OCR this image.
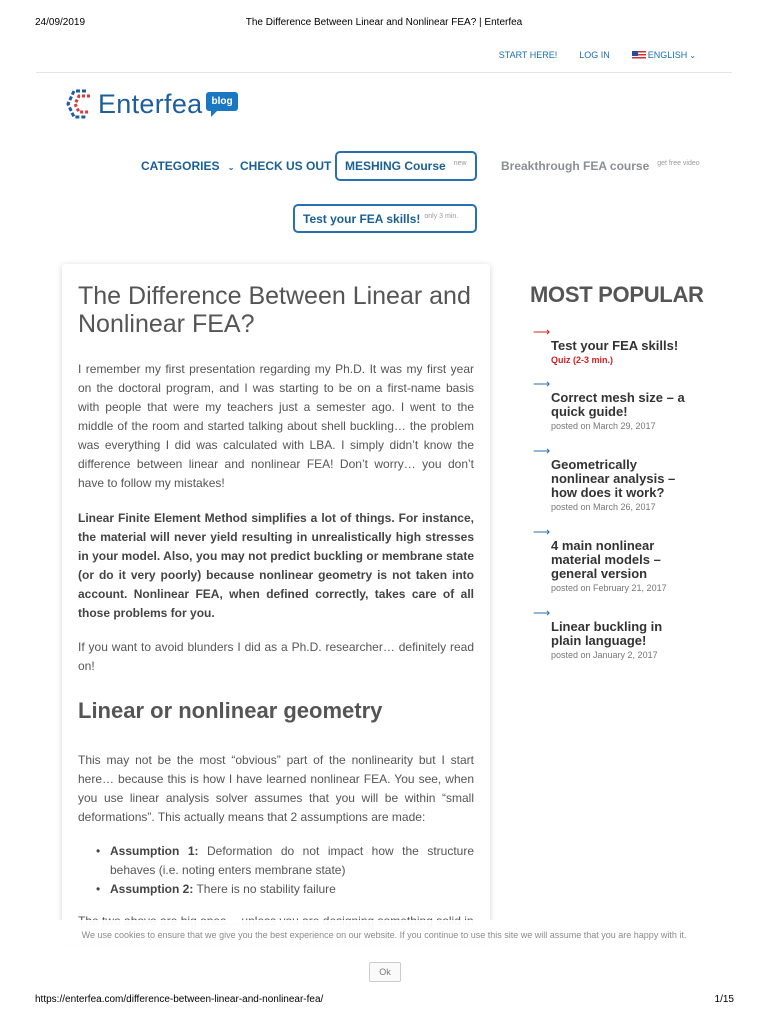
24/09/2019	The Difference Between Linear and Nonlinear FEA? | Enterfea
START HERE! LOG IN	ENGLISH ⌄
Enterfea blog
CATEGORIES ⌄ CHECK US OUT	MESHING Course $^{new}$	Breakthrough FEA course $^{get free video}$
Test your FEA skills! $^{only 3 min.}$
The Difference Between Linear and Nonlinear FEA?

I remember my first presentation regarding my Ph.D. It was my first year on the doctoral program, and I was starting to be on a first-name basis with people that were my teachers just a semester ago. I went to the middle of the room and started talking about shell buckling… the problem was everything I did was calculated with LBA. I simply didn’t know the difference between linear and nonlinear FEA! Don’t worry… you don’t have to follow my mistakes!

Linear Finite Element Method simplifies a lot of things. For instance, the material will never yield resulting in unrealistically high stresses in your model. Also, you may not predict buckling or membrane state (or do it very poorly) because nonlinear geometry is not taken into account. Nonlinear FEA, when defined correctly, takes care of all those problems for you.

If you want to avoid blunders I did as a Ph.D. researcher… definitely read on!

Linear or nonlinear geometry

This may not be the most “obvious” part of the nonlinearity but I start here… because this is how I have learned nonlinear FEA. You see, when you use linear analysis solver assumes that you will be within “small deformations”. This actually means that 2 assumptions are made:

• Assumption 1: Deformation do not impact how the structure behaves (i.e. noting enters membrane state)
• Assumption 2: There is no stability failure

MOST POPULAR
⟶
Test your FEA skills!
Quiz (2-3 min.)
⟶
Correct mesh size – a quick guide!
posted on March 29, 2017
⟶
Geometrically nonlinear analysis – how does it work?
posted on March 26, 2017
⟶
4 main nonlinear material models – general version
posted on February 21, 2017
⟶
Linear buckling in plain language!
posted on January 2, 2017
We use cookies to ensure that we give you the best experience on our website. If you continue to use this site we will assume that you are happy with it.
Ok
https://enterfea.com/difference-between-linear-and-nonlinear-fea/	1/15
